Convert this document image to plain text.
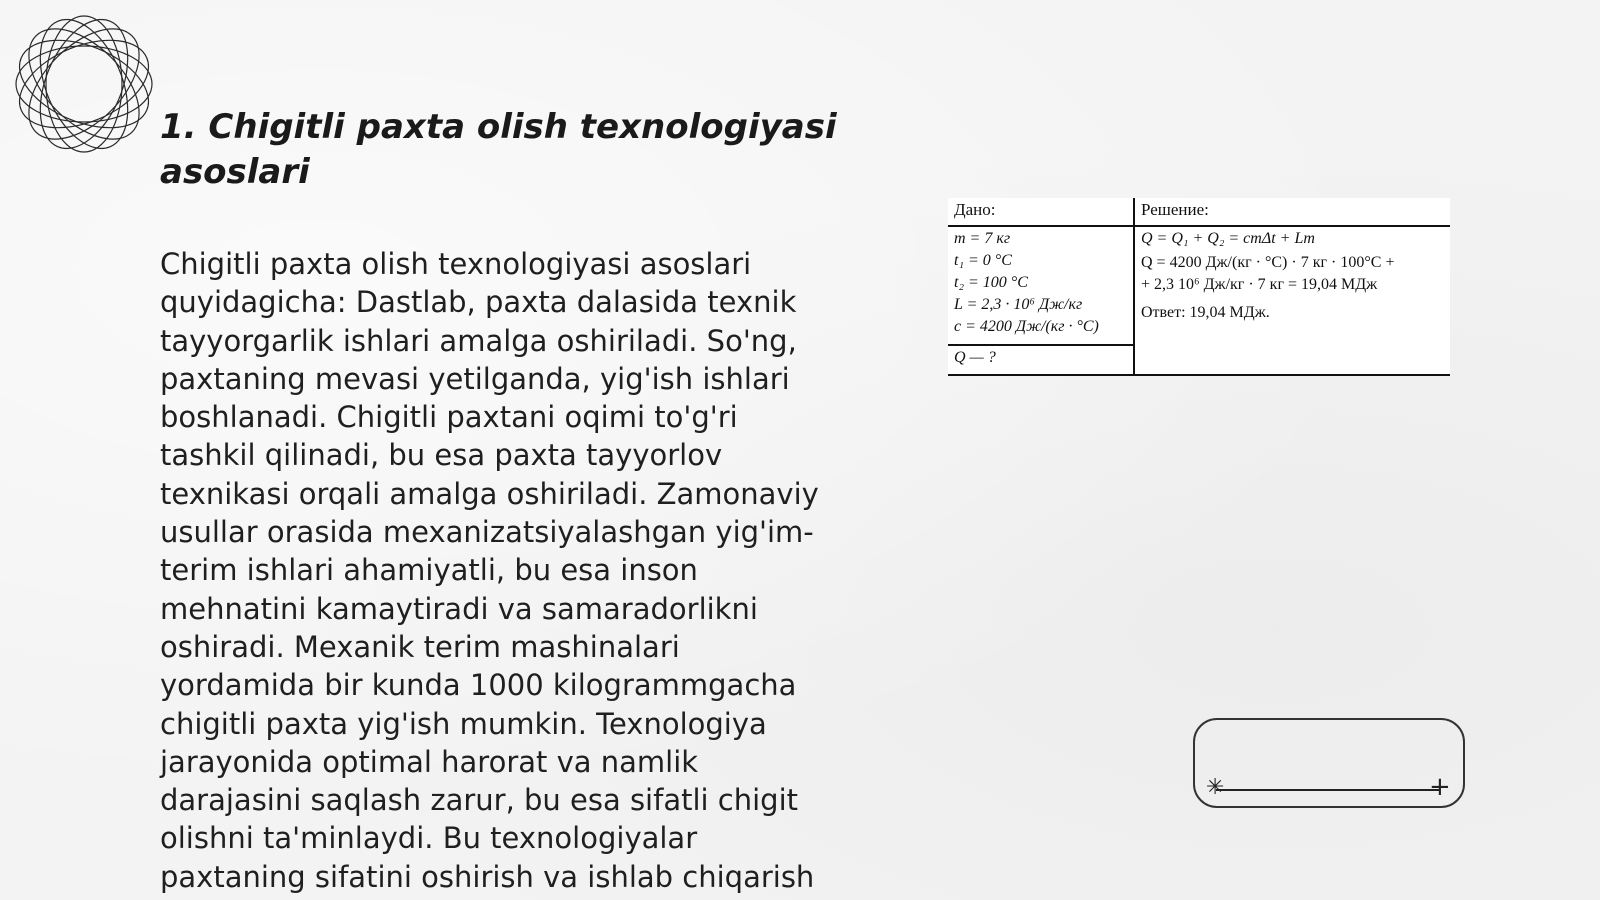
1. Chigitli paxta olish texnologiyasi asoslari

Chigitli paxta olish texnologiyasi asoslari
quyidagicha: Dastlab, paxta dalasida texnik
tayyorgarlik ishlari amalga oshiriladi. So'ng,
paxtaning mevasi yetilganda, yig'ish ishlari
boshlanadi. Chigitli paxtani oqimi to'g'ri
tashkil qilinadi, bu esa paxta tayyorlov
texnikasi orqali amalga oshiriladi. Zamonaviy
usullar orasida mexanizatsiyalashgan yig'im-
terim ishlari ahamiyatli, bu esa inson
mehnatini kamaytiradi va samaradorlikni
oshiradi. Mexanik terim mashinalari
yordamida bir kunda 1000 kilogrammgacha
chigitli paxta yig'ish mumkin. Texnologiya
jarayonida optimal harorat va namlik
darajasini saqlash zarur, bu esa sifatli chigit
olishni ta'minlaydi. Bu texnologiyalar
paxtaning sifatini oshirish va ishlab chiqarish

Дано:
m = 7 кг
t₁ = 0 °C
t₂ = 100 °C
L = 2,3 · 10⁶ Дж/кг
c = 4200 Дж/(кг · °C)
Q — ?
Решение:
Q = Q₁ + Q₂ = cmΔt + Lm
Q = 4200 Дж/(кг · °C) · 7 кг · 100°C +
+ 2,3 10⁶ Дж/кг · 7 кг = 19,04 МДж
Ответ: 19,04 МДж.
✳	+
